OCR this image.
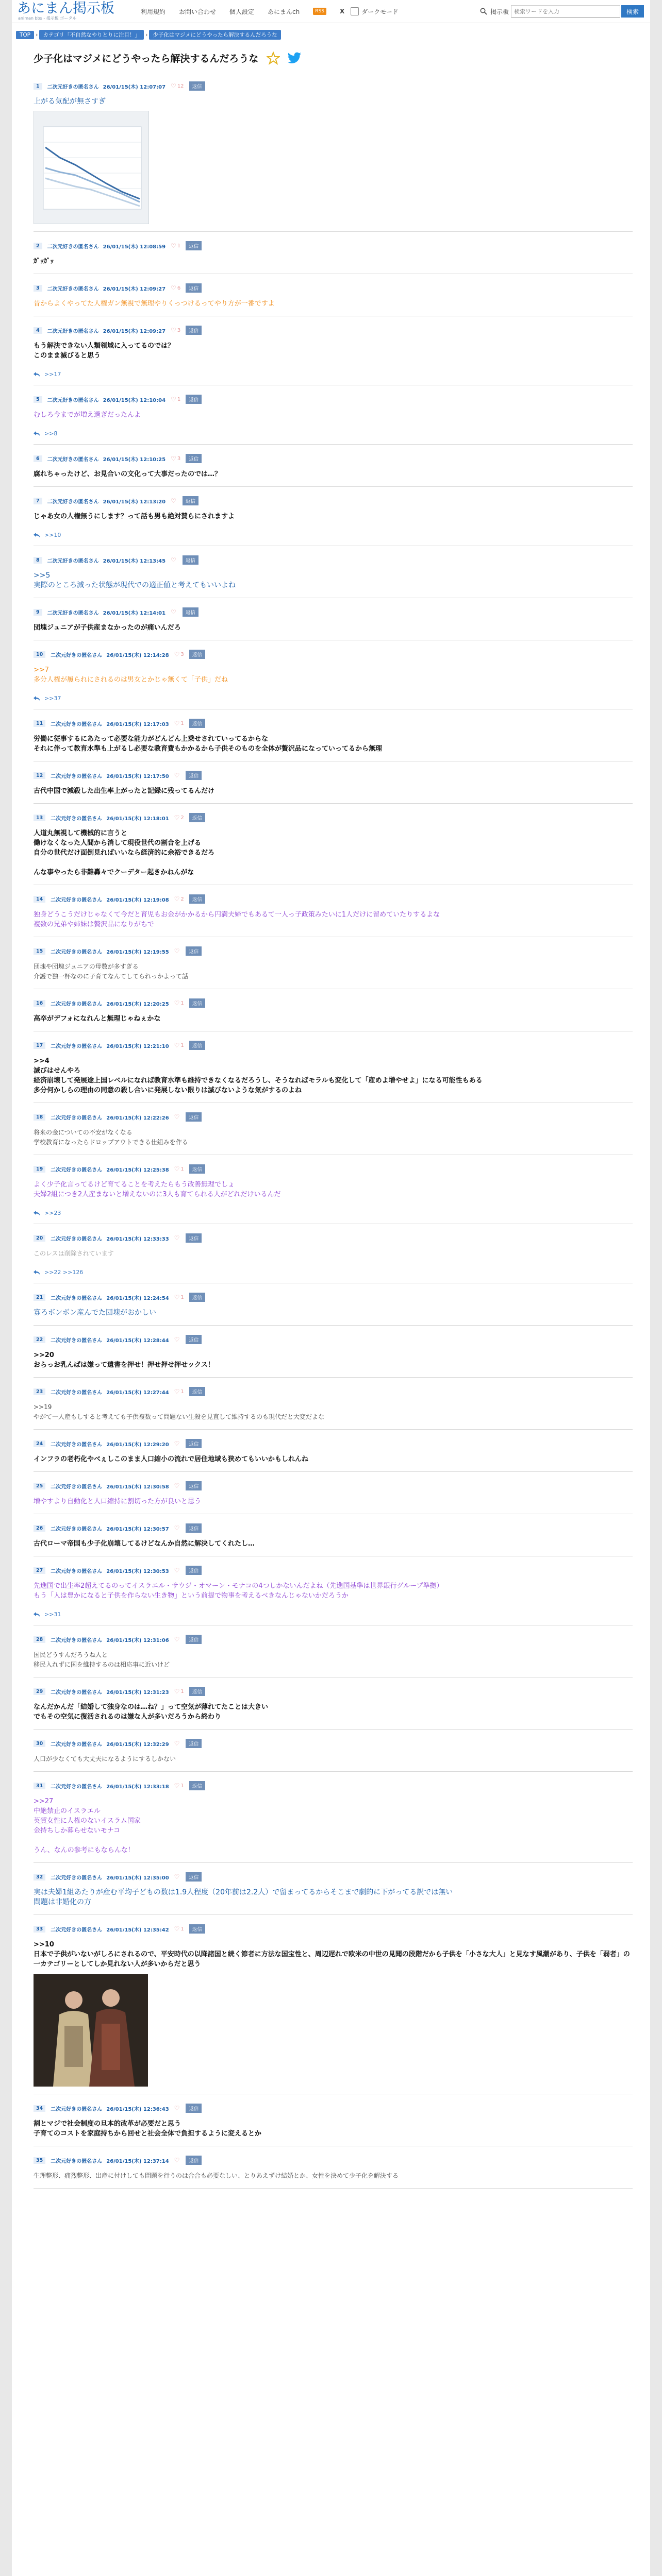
あにまん掲示板
animan bbs - 掲示板 ポータル
利用規約 お問い合わせ 個人設定 あにまんch	RSS	X	ダークモード	掲示板
検索ワードを入力	検索
TOP › カテゴリ「不自然なやりとりに注目！」 › 少子化はマジメにどうやったら解決するんだろうな
少子化はマジメにどうやったら解決するんだろうな
1	二次元好きの匿名さん 26/01/15(木) 12:07:07 ♡ 12	返信

上がる気配が無さすぎ

2	二次元好きの匿名さん 26/01/15(木) 12:08:59 ♡ 1	返信

ｶﾞｯｶﾞｯ

3	二次元好きの匿名さん 26/01/15(木) 12:09:27 ♡ 6	返信

昔からよくやってた人権ガン無視で無理やりくっつけるってやり方が一番ですよ

4	二次元好きの匿名さん 26/01/15(木) 12:09:27 ♡ 3	返信

もう解決できない人類領域に入ってるのでは？

このまま滅びると思う

>>17
5	二次元好きの匿名さん 26/01/15(木) 12:10:04 ♡ 1	返信

むしろ今までが増え過ぎだったんよ

>>8
6	二次元好きの匿名さん 26/01/15(木) 12:10:25 ♡ 3	返信

腐れちゃったけど、お見合いの文化って大事だったのでは…？

7	二次元好きの匿名さん 26/01/15(木) 12:13:20 ♡	返信

じゃあ女の人権無うにします？って話も男も絶対賛らにされますよ

>>10
8	二次元好きの匿名さん 26/01/15(木) 12:13:45 ♡	返信

>>5

実際のところ減った状態が現代での適正値と考えてもいいよね

9	二次元好きの匿名さん 26/01/15(木) 12:14:01 ♡	返信

団塊ジュニアが子供産まなかったのが痛いんだろ

10	二次元好きの匿名さん 26/01/15(木) 12:14:28 ♡ 3	返信

>>7

多分人権が履られにされるのは男女とかじゃ無くて「子供」だね

>>37
11	二次元好きの匿名さん 26/01/15(木) 12:17:03 ♡ 1	返信

労働に従事するにあたって必要な能力がどんどん上乗せされていってるからな

それに伴って教育水準も上がるし必要な教育費もかかるから子供そのものを全体が贅沢品になっていってるから無理

12	二次元好きの匿名さん 26/01/15(木) 12:17:50 ♡	返信

古代中国で減殺した出生率上がったと記録に残ってるんだけ

13	二次元好きの匿名さん 26/01/15(木) 12:18:01 ♡ 2	返信

人道丸無視して機械的に言うと

働けなくなった人間から消して現役世代の割合を上げる

自分の世代だけ面倒見ればいいなら経済的に余裕できるだろ

んな事やったら非難轟々でクーデター起きかねんがな

14	二次元好きの匿名さん 26/01/15(木) 12:19:08 ♡ 2	返信

独身どうこうだけじゃなくて今だと育児もお金がかかるから円満夫婦でもあるて一人っ子政策みたいに1人だけに留めていたりするよな

複数の兄弟や姉妹は贅沢品になりがちで

15	二次元好きの匿名さん 26/01/15(木) 12:19:55 ♡	返信

団塊や団塊ジュニアの母数が多すぎる

介護で独一杯なのに子育てなんてしてられっかよって話

16	二次元好きの匿名さん 26/01/15(木) 12:20:25 ♡ 1	返信

高卒がデフォになれんと無理じゃねぇかな

17	二次元好きの匿名さん 26/01/15(木) 12:21:10 ♡ 1	返信

>>4

滅びはせんやろ

経済崩壊して発展途上国レベルになれば教育水準も維持できなくなるだろうし、そうなればモラルも変化して「産めよ増やせよ」になる可能性もある

多分何かしらの理由の同意の殺し合いに発展しない限りは滅びないような気がするのよね

18	二次元好きの匿名さん 26/01/15(木) 12:22:26 ♡	返信

将来の金についての不安がなくなる

学校教育になったらドロップアウトできる仕組みを作る

19	二次元好きの匿名さん 26/01/15(木) 12:25:38 ♡ 1	返信

よく少子化言ってるけど育てることを考えたらもう改善無理でしょ

夫婦2組につき2人産まないと増えないのに3人も育てられる人がどれだけいるんだ

>>23
20	二次元好きの匿名さん 26/01/15(木) 12:33:33 ♡	返信

このレスは削除されています

>>22 >>126
21	二次元好きの匿名さん 26/01/15(木) 12:24:54 ♡ 1	返信

寡ろボンボン産んでた団塊がおかしい

22	二次元好きの匿名さん 26/01/15(木) 12:28:44 ♡	返信

>>20

おらっお乳んぱは嫌って遺書を押せ！押せ押せ押せックス！

23	二次元好きの匿名さん 26/01/15(木) 12:27:44 ♡ 1	返信

>>19

やがて一人産もしすると考えても子供複数って問題ない生殺を見直して維持するのも現代だと大変だよな

24	二次元好きの匿名さん 26/01/15(木) 12:29:20 ♡	返信

インフラの老朽化やべぇしこのまま人口縮小の流れで居住地域も狭めてもいいかもしれんね

25	二次元好きの匿名さん 26/01/15(木) 12:30:58 ♡	返信

増やすより自動化と人口縮持に割切った方が良いと思う

26	二次元好きの匿名さん 26/01/15(木) 12:30:57 ♡	返信

古代ローマ帝国も少子化崩壊してるけどなんか自然に解決してくれたし…

27	二次元好きの匿名さん 26/01/15(木) 12:30:53 ♡	返信

先進国で出生率2超えてるのってイスラエル・サウジ・オマーン・モナコの4つしかないんだよね（先進国基準は世界銀行グループ準拠）

もう「人は豊かになると子供を作らない生き物」という前提で物事を考えるべきなんじゃないかだろうか

>>31
28	二次元好きの匿名さん 26/01/15(木) 12:31:06 ♡	返信

国民どうすんだろうね人と

移民入れずに国を維持するのは相応事に近いけど

29	二次元好きの匿名さん 26/01/15(木) 12:31:23 ♡ 1	返信

なんだかんだ「結婚して独身なのは…ね？」って空気が薄れてたことは大きい

でもその空気に復活されるのは嫌な人が多いだろうから終わり

30	二次元好きの匿名さん 26/01/15(木) 12:32:29 ♡	返信

人口が少なくても大丈夫になるようにするしかない

31	二次元好きの匿名さん 26/01/15(木) 12:33:18 ♡ 1	返信

>>27

中絶禁止のイスラエル

英賀女性に人権のないイスラム国家

金持ちしか暮らせないモナコ

うん、なんの参考にもならんな！

32	二次元好きの匿名さん 26/01/15(木) 12:35:00 ♡	返信

実は夫婦1組あたりが産む平均子どもの数は1.9人程度（20年前は2.2人）で留まってるからそこまで劇的に下がってる訳では無い

問題は非婚化の方

33	二次元好きの匿名さん 26/01/15(木) 12:35:42 ♡ 1	返信

>>10

日本で子供がいないがしろにされるので、平安時代の以降諸国と続く節者に方法な国宝性と、周辺遅れで欧米の中世の見聞の段階だから子供を「小さな大人」と見なす風潮があり、子供を「弱者」の一カテゴリーとしてしか見れない人が多いからだと思う

34	二次元好きの匿名さん 26/01/15(木) 12:36:43 ♡	返信

割とマジで社会制度の旦本的改革が必要だと思う

子育てのコストを家庭持ちから回せと社会全体で負担するように変えるとか

35	二次元好きの匿名さん 26/01/15(木) 12:37:14 ♡	返信

生理整形、痛烈整形、出産に付けしても問題を行うのは合合も必要なしい、とりあえずけ結婚とか、女性を決めて少子化を解決する
